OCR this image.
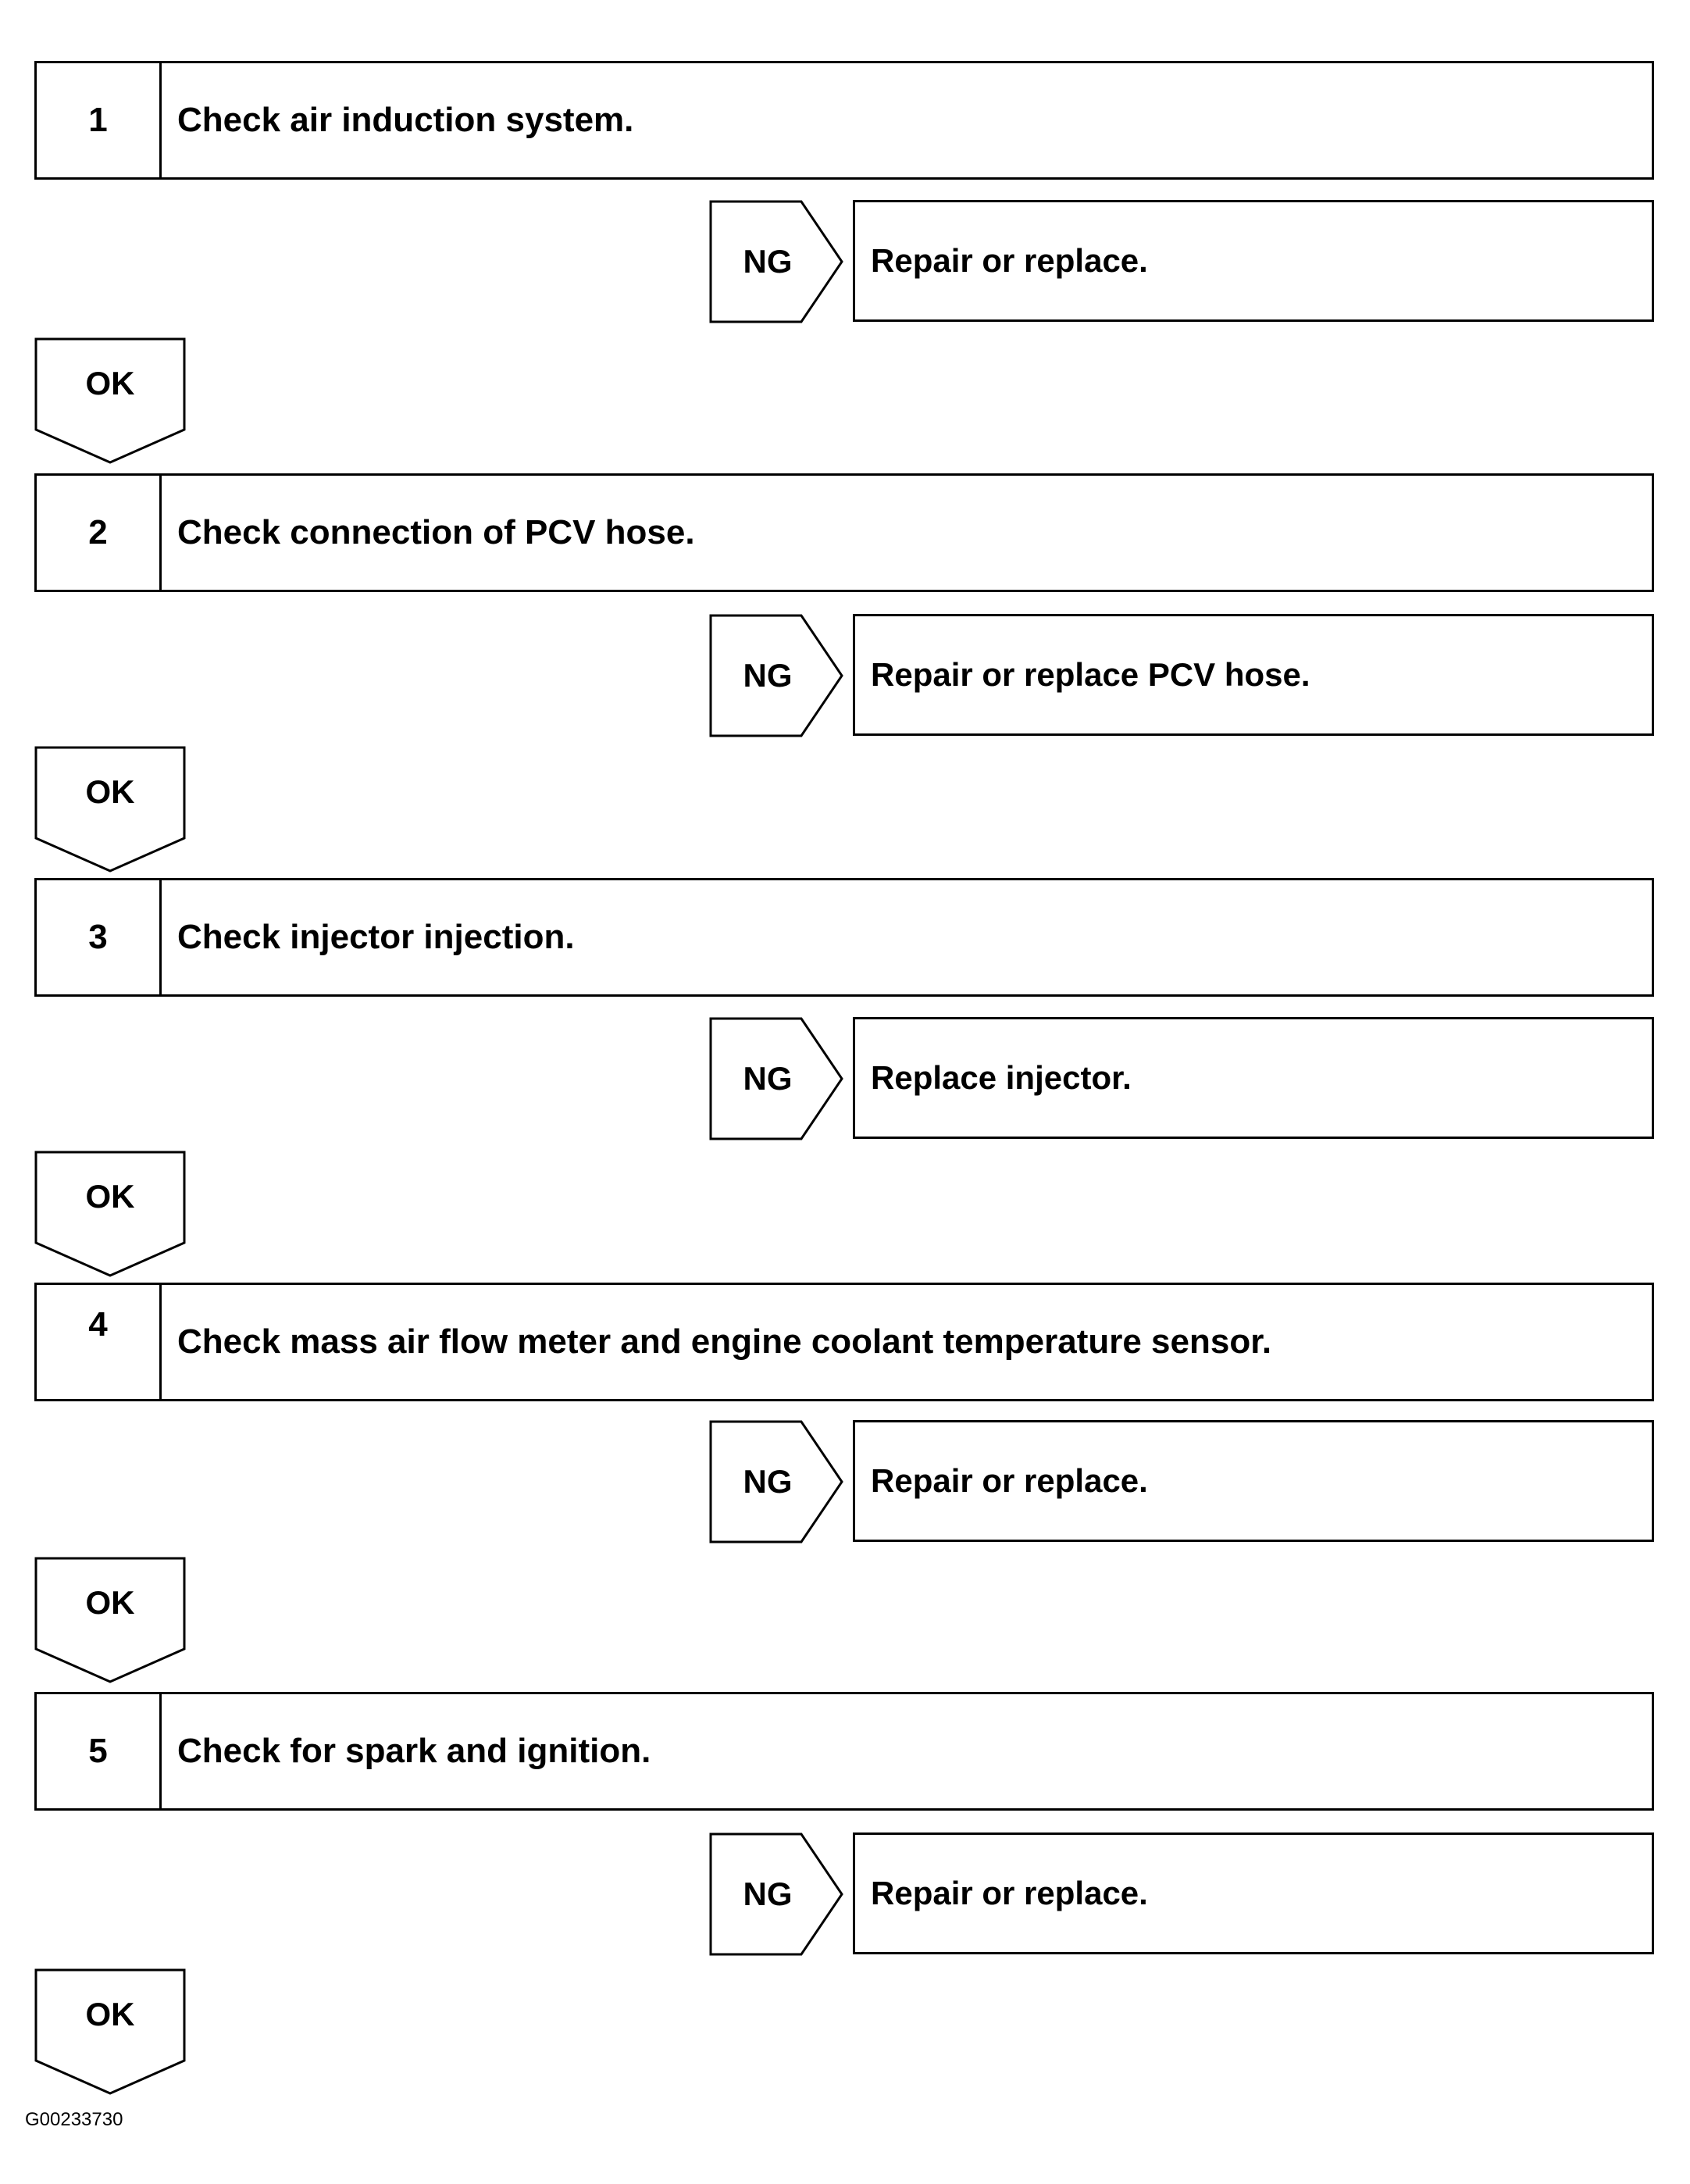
1	Check air induction system.
NG	Repair or replace.
OK
2	Check connection of PCV hose.
NG	Repair or replace PCV hose.
OK
3	Check injector injection.
NG	Replace injector.
OK
4	Check mass air flow meter and engine coolant temperature sensor.
NG	Repair or replace.
OK
5	Check for spark and ignition.
NG	Repair or replace.
OK
G00233730
